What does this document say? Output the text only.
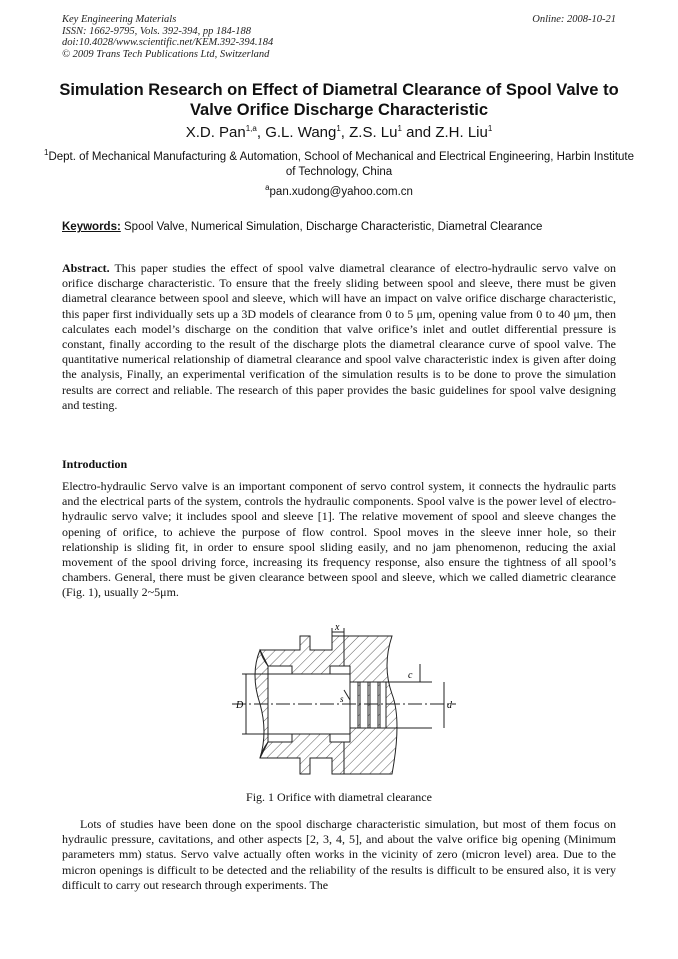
Key Engineering Materials
ISSN: 1662-9795, Vols. 392-394, pp 184-188
doi:10.4028/www.scientific.net/KEM.392-394.184
© 2009 Trans Tech Publications Ltd, Switzerland
Online: 2008-10-21
Simulation Research on Effect of Diametral Clearance of Spool Valve to Valve Orifice Discharge Characteristic
X.D. Pan$^{1,a}$, G.L. Wang$^1$, Z.S. Lu$^1$ and Z.H. Liu$^1$
$^1$Dept. of Mechanical Manufacturing & Automation, School of Mechanical and Electrical Engineering, Harbin Institute of Technology, China
$^a$pan.xudong@yahoo.com.cn
Keywords: Spool Valve, Numerical Simulation, Discharge Characteristic, Diametral Clearance
Abstract. This paper studies the effect of spool valve diametral clearance of electro-hydraulic servo valve on orifice discharge characteristic. To ensure that the freely sliding between spool and sleeve, there must be given diametral clearance between spool and sleeve, which will have an impact on valve orifice discharge characteristic, this paper first individually sets up a 3D models of clearance from 0 to 5 μm, opening value from 0 to 40 μm, then calculates each model’s discharge on the condition that valve orifice’s inlet and outlet differential pressure is constant, finally according to the result of the discharge plots the diametral clearance curve of spool valve. The quantitative numerical relationship of diametral clearance and spool valve characteristic index is given after doing the analysis, Finally, an experimental verification of the simulation results is to be done to prove the simulation results are correct and reliable. The research of this paper provides the basic guidelines for spool valve designing and testing.
Introduction
Electro-hydraulic Servo valve is an important component of servo control system, it connects the hydraulic parts and the electrical parts of the system, controls the hydraulic components. Spool valve is the power level of electro-hydraulic servo valve; it includes spool and sleeve [1]. The relative movement of spool and sleeve changes the opening of orifice, to achieve the purpose of flow control. Spool moves in the sleeve inner hole, so their relationship is sliding fit, in order to ensure spool sliding easily, and no jam phenomenon, reducing the axial movement of the spool driving force, increasing its frequency response, also ensure the tightness of all spool’s chambers. General, there must be given clearance between spool and sleeve, which we called diametric clearance (Fig. 1), usually 2~5μm.
x
c
D	d
s
Fig. 1 Orifice with diametral clearance
Lots of studies have been done on the spool discharge characteristic simulation, but most of them focus on hydraulic pressure, cavitations, and other aspects [2, 3, 4, 5], and about the valve orifice big opening (Minimum parameters mm) status. Servo valve actually often works in the vicinity of zero (micron level) area. Due to the micron openings is difficult to be detected and the reliability of the results is difficult to be ensured also, it is very difficult to carry out research through experiments. The
